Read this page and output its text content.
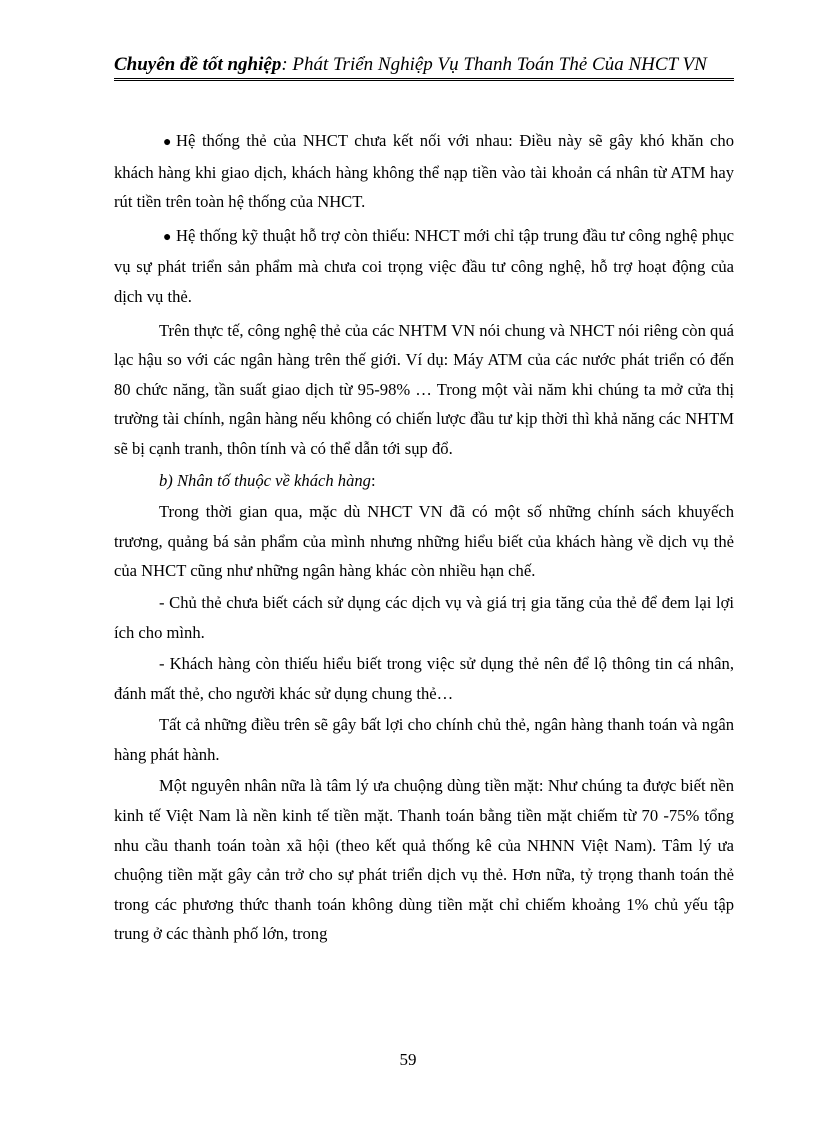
Chuyên đề tốt nghiệp: Phát Triển Nghiệp Vụ Thanh Toán Thẻ Của NHCT VN

● Hệ thống thẻ của NHCT chưa kết nối với nhau: Điều này sẽ gây khó khăn cho khách hàng khi giao dịch, khách hàng không thể nạp tiền vào tài khoản cá nhân từ ATM hay rút tiền trên toàn hệ thống của NHCT.

● Hệ thống kỹ thuật hỗ trợ còn thiếu: NHCT mới chỉ tập trung đầu tư công nghệ phục vụ sự phát triển sản phẩm mà chưa coi trọng việc đầu tư công nghệ, hỗ trợ hoạt động của dịch vụ thẻ.

Trên thực tế, công nghệ thẻ của các NHTM VN nói chung và NHCT nói riêng còn quá lạc hậu so với các ngân hàng trên thế giới. Ví dụ: Máy ATM của các nước phát triển có đến 80 chức năng, tần suất giao dịch từ 95-98% … Trong một vài năm khi chúng ta mở cửa thị trường tài chính, ngân hàng nếu không có chiến lược đầu tư kịp thời thì khả năng các NHTM sẽ bị cạnh tranh, thôn tính và có thể dẫn tới sụp đổ.

b) Nhân tố thuộc về khách hàng:

Trong thời gian qua, mặc dù NHCT VN đã có một số những chính sách khuyếch trương, quảng bá sản phẩm của mình nhưng những hiểu biết của khách hàng về dịch vụ thẻ của NHCT cũng như những ngân hàng khác còn nhiều hạn chế.

- Chủ thẻ chưa biết cách sử dụng các dịch vụ và giá trị gia tăng của thẻ để đem lại lợi ích cho mình.

- Khách hàng còn thiếu hiểu biết trong việc sử dụng thẻ nên để lộ thông tin cá nhân, đánh mất thẻ, cho người khác sử dụng chung thẻ…

Tất cả những điều trên sẽ gây bất lợi cho chính chủ thẻ, ngân hàng thanh toán và ngân hàng phát hành.

Một nguyên nhân nữa là tâm lý ưa chuộng dùng tiền mặt: Như chúng ta được biết nền kinh tế Việt Nam là nền kinh tế tiền mặt. Thanh toán bằng tiền mặt chiếm từ 70 -75% tổng nhu cầu thanh toán toàn xã hội (theo kết quả thống kê của NHNN Việt Nam). Tâm lý ưa chuộng tiền mặt gây cản trở cho sự phát triển dịch vụ thẻ. Hơn nữa, tỷ trọng thanh toán thẻ trong các phương thức thanh toán không dùng tiền mặt chỉ chiếm khoảng 1% chủ yếu tập trung ở các thành phố lớn, trong

59
